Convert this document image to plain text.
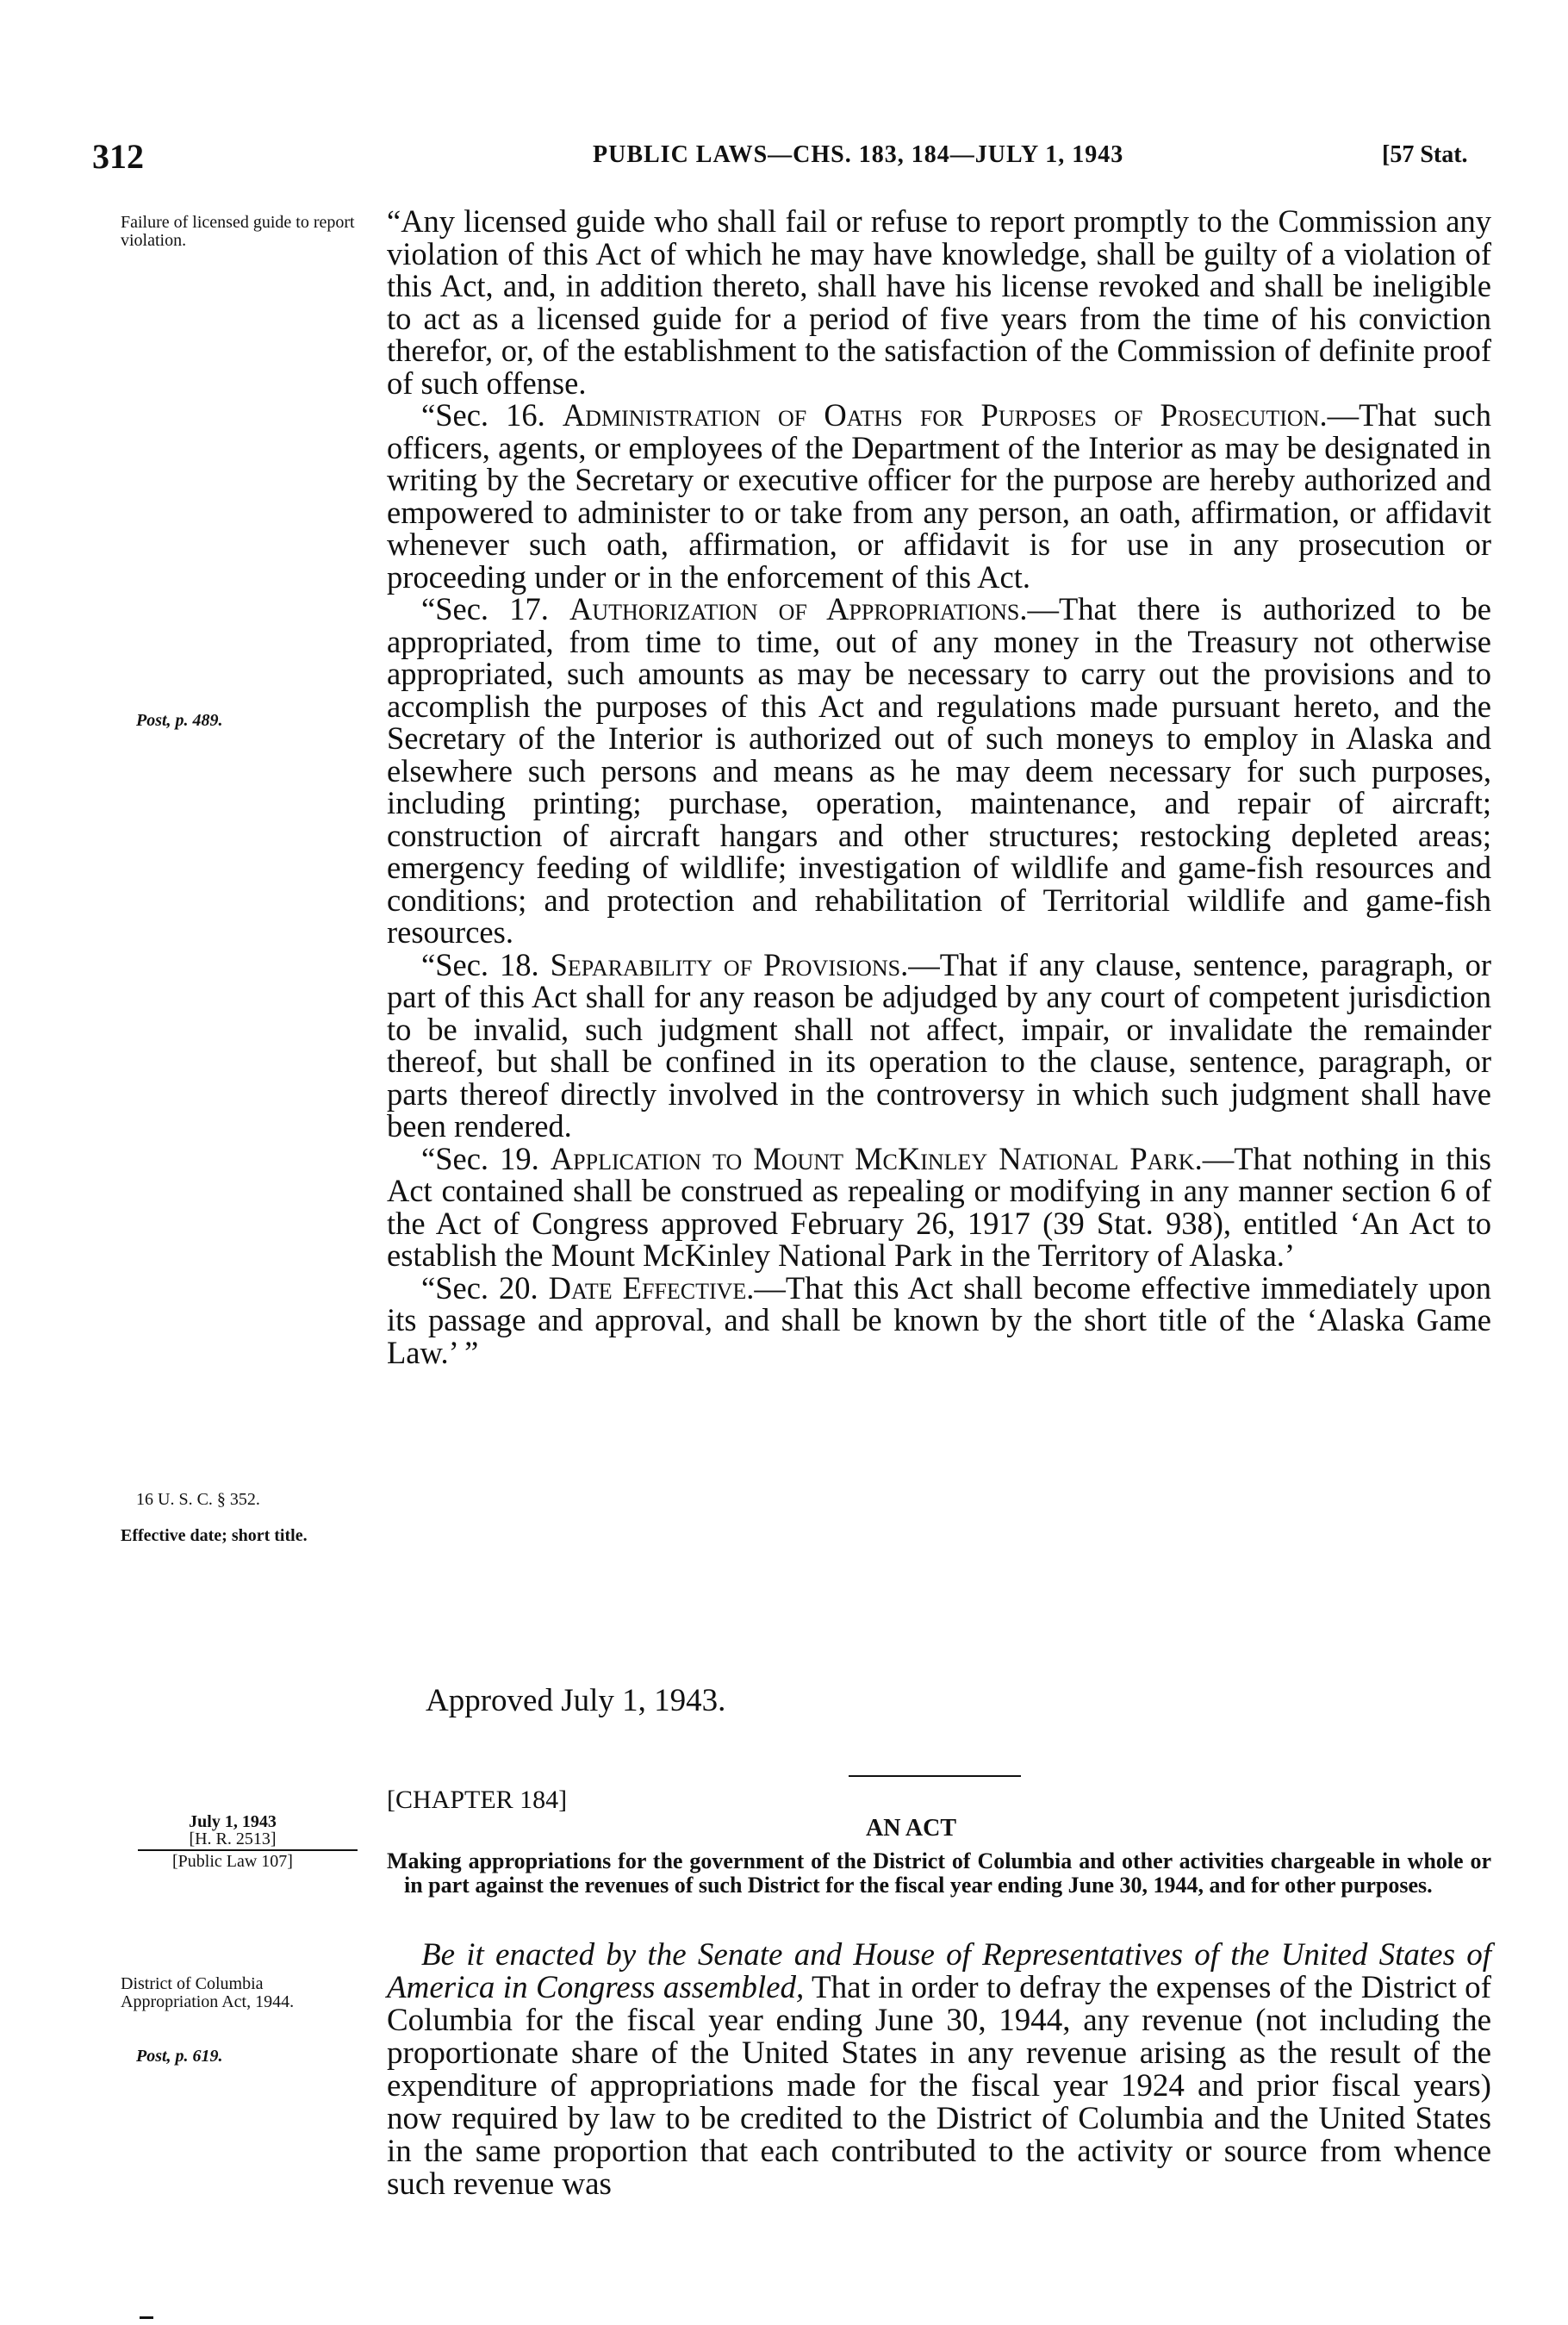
312	PUBLIC LAWS—CHS. 183, 184—JULY 1, 1943	[57 Stat.
Failure of licensed guide to report violation.
Post, p. 489.
16 U. S. C. § 352.
Effective date; short title.
July 1, 1943
[H. R. 2513]
[Public Law 107]
District of Columbia Appropriation Act, 1944.
Post, p. 619.

“Any licensed guide who shall fail or refuse to report promptly to the Commission any violation of this Act of which he may have knowledge, shall be guilty of a violation of this Act, and, in addition thereto, shall have his license revoked and shall be ineligible to act as a licensed guide for a period of five years from the time of his conviction therefor, or, of the establishment to the satisfaction of the Commission of definite proof of such offense.

“Sec. 16. Administration of Oaths for Purposes of Prosecution.—That such officers, agents, or employees of the Department of the Interior as may be designated in writing by the Secretary or executive officer for the purpose are hereby authorized and empowered to administer to or take from any person, an oath, affirmation, or affidavit whenever such oath, affirmation, or affidavit is for use in any prosecution or proceeding under or in the enforcement of this Act.

“Sec. 17. Authorization of Appropriations.—That there is authorized to be appropriated, from time to time, out of any money in the Treasury not otherwise appropriated, such amounts as may be necessary to carry out the provisions and to accomplish the purposes of this Act and regulations made pursuant hereto, and the Secretary of the Interior is authorized out of such moneys to employ in Alaska and elsewhere such persons and means as he may deem necessary for such purposes, including printing; purchase, operation, maintenance, and repair of aircraft; construction of aircraft hangars and other structures; restocking depleted areas; emergency feeding of wildlife; investigation of wildlife and game-fish resources and conditions; and protection and rehabilitation of Territorial wildlife and game-fish resources.

“Sec. 18. Separability of Provisions.—That if any clause, sentence, paragraph, or part of this Act shall for any reason be adjudged by any court of competent jurisdiction to be invalid, such judgment shall not affect, impair, or invalidate the remainder thereof, but shall be confined in its operation to the clause, sentence, paragraph, or parts thereof directly involved in the controversy in which such judgment shall have been rendered.

“Sec. 19. Application to Mount McKinley National Park.—That nothing in this Act contained shall be construed as repealing or modifying in any manner section 6 of the Act of Congress approved February 26, 1917 (39 Stat. 938), entitled ‘An Act to establish the Mount McKinley National Park in the Territory of Alaska.’

“Sec. 20. Date Effective.—That this Act shall become effective immediately upon its passage and approval, and shall be known by the short title of the ‘Alaska Game Law.’ ”

Approved July 1, 1943.
[CHAPTER 184]
AN ACT

Making appropriations for the government of the District of Columbia and other activities chargeable in whole or in part against the revenues of such District for the fiscal year ending June 30, 1944, and for other purposes.

Be it enacted by the Senate and House of Representatives of the United States of America in Congress assembled, That in order to defray the expenses of the District of Columbia for the fiscal year ending June 30, 1944, any revenue (not including the proportionate share of the United States in any revenue arising as the result of the expenditure of appropriations made for the fiscal year 1924 and prior fiscal years) now required by law to be credited to the District of Columbia and the United States in the same proportion that each contributed to the activity or source from whence such revenue was
